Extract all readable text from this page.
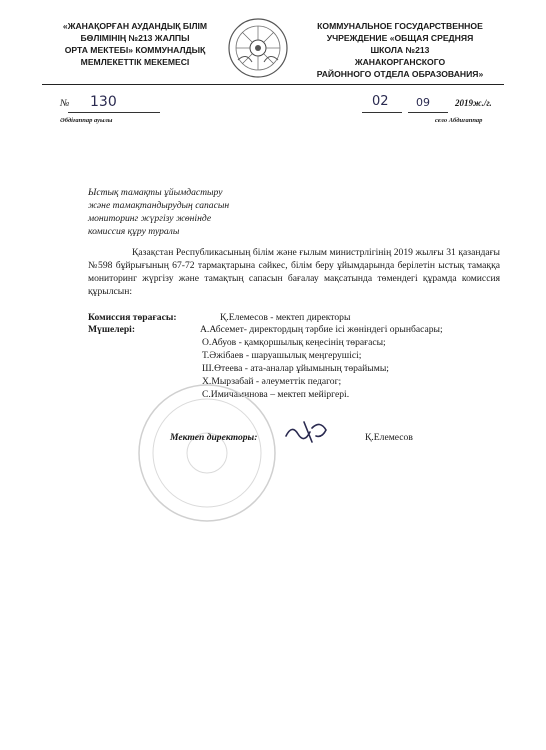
«ЖАНАҚОРҒАН АУДАНДЫҚ БІЛІМ
БӨЛІМІНІҢ №213 ЖАЛПЫ
ОРТА МЕКТЕБІ» КОММУНАЛДЫҚ
МЕМЛЕКЕТТІК МЕКЕМЕСІ
КОММУНАЛЬНОЕ ГОСУДАРСТВЕННОЕ
УЧРЕЖДЕНИЕ «ОБЩАЯ СРЕДНЯЯ
ШКОЛА №213
ЖАНАКОРГАНСКОГО
РАЙОННОГО ОТДЕЛА ОБРАЗОВАНИЯ»
№ 130
Әбдіғаппар ауылы
02 09	2019ж./г.
село Абдигаппар
Ыстық тамақты ұйымдастыру
және тамақтандырудың сапасын
мониторинг жүргізу жөнінде
комиссия құру туралы
Қазақстан Республикасының білім және ғылым министрлігінің 2019 жылғы 31 қазандағы №598 бұйрығының 67-72 тармақтарына сәйкес, білім беру ұйымдарында берілетін ыстық тамаққа мониторинг жүргізу және тамақтың сапасын бағалау мақсатында төмендегі құрамда комиссия құрылсын:
Комиссия төрағасы:	Қ.Елемесов - мектеп директоры
Мүшелері:	А.Абсемет- директордың тәрбие ісі жөніндегі орынбасары;
О.Абуов - қамқоршылық кеңесінің төрағасы;
Т.Әжібаев - шаруашылық меңгерушісі;
Ш.Өтеева - ата-аналар ұйымының төрайымы;
Х.Мырзабай - әлеуметтік педагог;
С.Имичаминова – мектеп мейіргері.
Мектеп директоры:	Қ.Елемесов
